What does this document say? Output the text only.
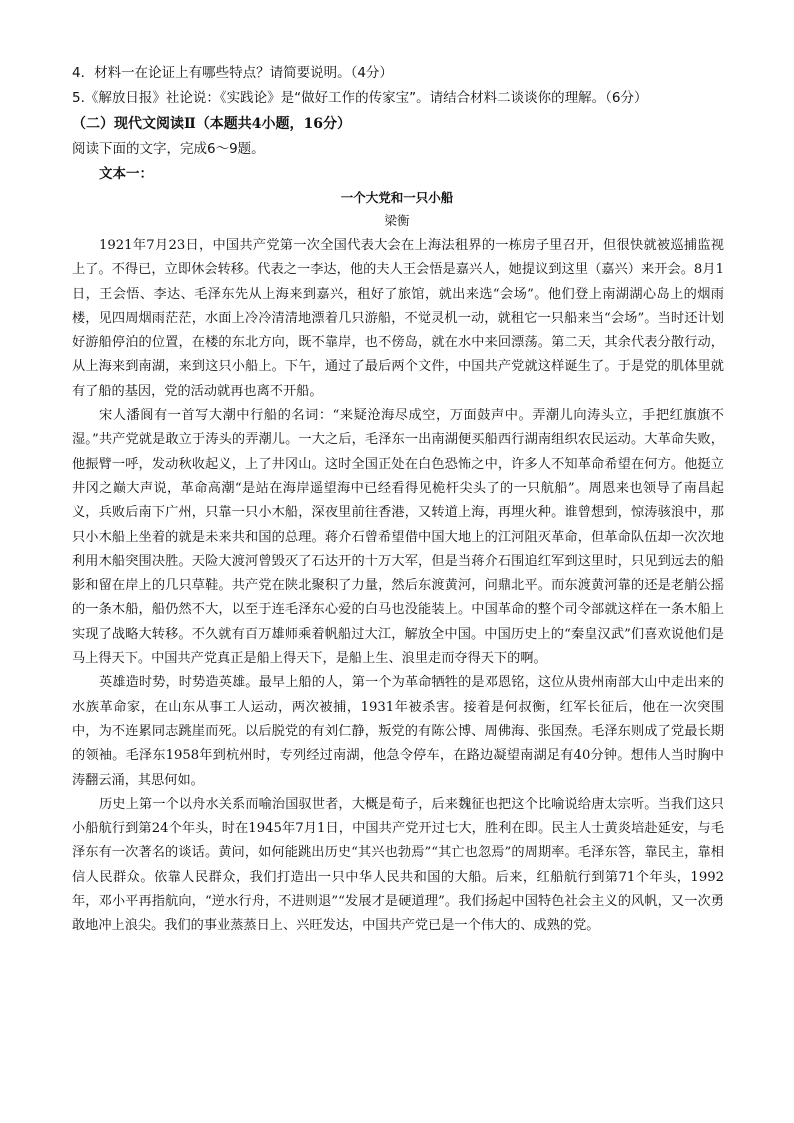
4．材料一在论证上有哪些特点？请简要说明。（4分）
5.《解放日报》社论说：《实践论》是“做好工作的传家宝”。请结合材料二谈谈你的理解。（6分）
（二）现代文阅读Ⅱ（本题共4小题，16分）
阅读下面的文字，完成6～9题。
文本一：
一个大党和一只小船
梁衡

1921年7月23日，中国共产党第一次全国代表大会在上海法租界的一栋房子里召开，但很快就被巡捕监视上了。不得已，立即休会转移。代表之一李达，他的夫人王会悟是嘉兴人，她提议到这里（嘉兴）来开会。8月1日，王会悟、李达、毛泽东先从上海来到嘉兴，租好了旅馆，就出来选“会场”。他们登上南湖湖心岛上的烟雨楼，见四周烟雨茫茫，水面上冷冷清清地漂着几只游船，不觉灵机一动，就租它一只船来当“会场”。当时还计划好游船停泊的位置，在楼的东北方向，既不靠岸，也不傍岛，就在水中来回漂荡。第二天，其余代表分散行动，从上海来到南湖，来到这只小船上。下午，通过了最后两个文件，中国共产党就这样诞生了。于是党的肌体里就有了船的基因，党的活动就再也离不开船。

宋人潘阆有一首写大潮中行船的名词：“来疑沧海尽成空，万面鼓声中。弄潮儿向涛头立，手把红旗旗不湿。”共产党就是敢立于涛头的弄潮儿。一大之后，毛泽东一出南湖便买船西行湖南组织农民运动。大革命失败，他振臂一呼，发动秋收起义，上了井冈山。这时全国正处在白色恐怖之中，许多人不知革命希望在何方。他挺立井冈之巅大声说，革命高潮“是站在海岸遥望海中已经看得见桅杆尖头了的一只航船”。周恩来也领导了南昌起义，兵败后南下广州，只靠一只小木船，深夜里前往香港，又转道上海，再埋火种。谁曾想到，惊涛骇浪中，那只小木船上坐着的就是未来共和国的总理。蒋介石曾希望借中国大地上的江河阻灭革命，但革命队伍却一次次地利用木船突围决胜。天险大渡河曾毁灭了石达开的十万大军，但是当蒋介石围追红军到这里时，只见到远去的船影和留在岸上的几只草鞋。共产党在陕北聚积了力量，然后东渡黄河，问鼎北平。而东渡黄河靠的还是老艄公摇的一条木船，船仍然不大，以至于连毛泽东心爱的白马也没能装上。中国革命的整个司令部就这样在一条木船上实现了战略大转移。不久就有百万雄师乘着帆船过大江，解放全中国。中国历史上的“秦皇汉武”们喜欢说他们是马上得天下。中国共产党真正是船上得天下，是船上生、浪里走而夺得天下的啊。

英雄造时势，时势造英雄。最早上船的人，第一个为革命牺牲的是邓恩铭，这位从贵州南部大山中走出来的水族革命家，在山东从事工人运动，两次被捕，1931年被杀害。接着是何叔衡，红军长征后，他在一次突围中，为不连累同志跳崖而死。以后脱党的有刘仁静，叛党的有陈公博、周佛海、张国焘。毛泽东则成了党最长期的领袖。毛泽东1958年到杭州时，专列经过南湖，他急令停车，在路边凝望南湖足有40分钟。想伟人当时胸中涛翻云涌，其思何如。

历史上第一个以舟水关系而喻治国驭世者，大概是荀子，后来魏征也把这个比喻说给唐太宗听。当我们这只小船航行到第24个年头，时在1945年7月1日，中国共产党开过七大，胜利在即。民主人士黄炎培赴延安，与毛泽东有一次著名的谈话。黄问，如何能跳出历史“其兴也勃焉”“其亡也忽焉”的周期率。毛泽东答，靠民主，靠相信人民群众。依靠人民群众，我们打造出一只中华人民共和国的大船。后来，红船航行到第71个年头，1992年，邓小平再指航向，“逆水行舟，不进则退”“发展才是硬道理”。我们扬起中国特色社会主义的风帆，又一次勇敢地冲上浪尖。我们的事业蒸蒸日上、兴旺发达，中国共产党已是一个伟大的、成熟的党。
